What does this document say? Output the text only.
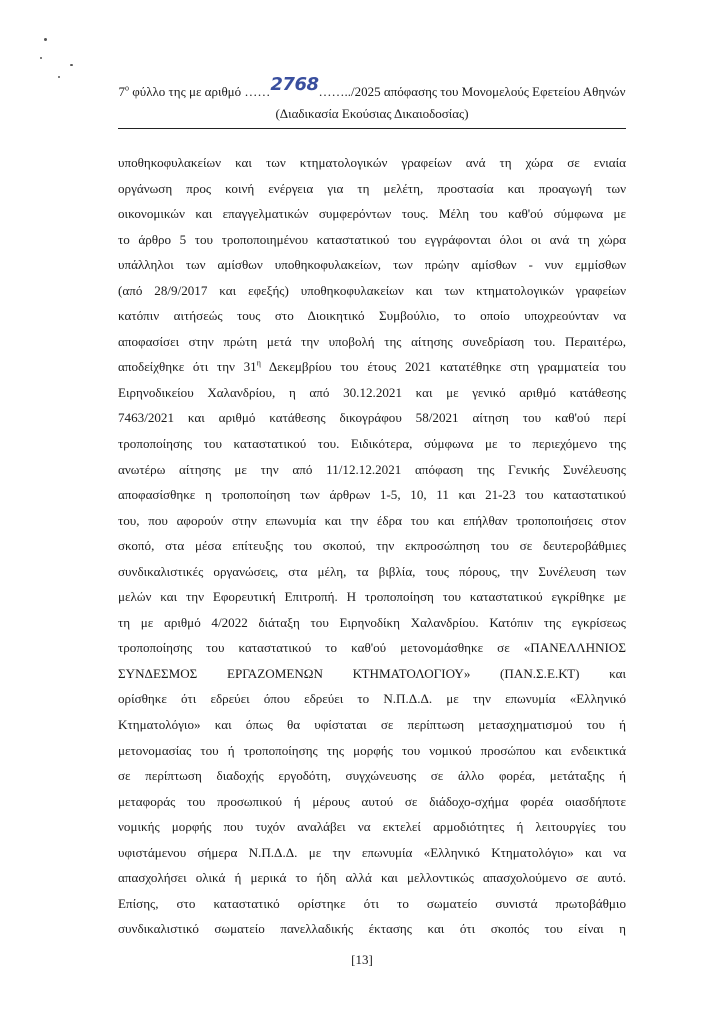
$7^o$ φύλλο της με αριθμό ……2768……../2025 απόφασης του Μονομελούς Εφετείου Αθηνών
(Διαδικασία Εκούσιας Δικαιοδοσίας)
υποθηκοφυλακείων και των κτηματολογικών γραφείων ανά τη χώρα σε ενιαία
οργάνωση προς κοινή ενέργεια για τη μελέτη, προστασία και προαγωγή των
οικονομικών και επαγγελματικών συμφερόντων τους. Μέλη του καθ'ού σύμφωνα με
το άρθρο 5 του τροποποιημένου καταστατικού του εγγράφονται όλοι οι ανά τη χώρα
υπάλληλοι των αμίσθων υποθηκοφυλακείων, των πρώην αμίσθων - νυν εμμίσθων
(από 28/9/2017 και εφεξής) υποθηκοφυλακείων και των κτηματολογικών γραφείων
κατόπιν αιτήσεώς τους στο Διοικητικό Συμβούλιο, το οποίο υποχρεούνταν να
αποφασίσει στην πρώτη μετά την υποβολή της αίτησης συνεδρίαση του. Περαιτέρω,
αποδείχθηκε ότι την $31^\eta$ Δεκεμβρίου του έτους 2021 κατατέθηκε στη γραμματεία του
Ειρηνοδικείου Χαλανδρίου, η από 30.12.2021 και με γενικό αριθμό κατάθεσης
7463/2021 και αριθμό κατάθεσης δικογράφου 58/2021 αίτηση του καθ'ού περί
τροποποίησης του καταστατικού του. Ειδικότερα, σύμφωνα με το περιεχόμενο της
ανωτέρω αίτησης με την από 11/12.12.2021 απόφαση της Γενικής Συνέλευσης
αποφασίσθηκε η τροποποίηση των άρθρων 1-5, 10, 11 και 21-23 του καταστατικού
του, που αφορούν στην επωνυμία και την έδρα του και επήλθαν τροποποιήσεις στον
σκοπό, στα μέσα επίτευξης του σκοπού, την εκπροσώπηση του σε δευτεροβάθμιες
συνδικαλιστικές οργανώσεις, στα μέλη, τα βιβλία, τους πόρους, την Συνέλευση των
μελών και την Εφορευτική Επιτροπή. Η τροποποίηση του καταστατικού εγκρίθηκε με
τη με αριθμό 4/2022 διάταξη του Ειρηνοδίκη Χαλανδρίου. Κατόπιν της εγκρίσεως
τροποποίησης του καταστατικού το καθ'ού μετονομάσθηκε σε «ΠΑΝΕΛΛΗΝΙΟΣ
ΣΥΝΔΕΣΜΟΣ ΕΡΓΑΖΟΜΕΝΩΝ ΚΤΗΜΑΤΟΛΟΓΙΟΥ» (ΠΑΝ.Σ.Ε.ΚΤ) και
ορίσθηκε ότι εδρεύει όπου εδρεύει το Ν.Π.Δ.Δ. με την επωνυμία «Ελληνικό
Κτηματολόγιο» και όπως θα υφίσταται σε περίπτωση μετασχηματισμού του ή
μετονομασίας του ή τροποποίησης της μορφής του νομικού προσώπου και ενδεικτικά
σε περίπτωση διαδοχής εργοδότη, συγχώνευσης σε άλλο φορέα, μετάταξης ή
μεταφοράς του προσωπικού ή μέρους αυτού σε διάδοχο-σχήμα φορέα οιασδήποτε
νομικής μορφής που τυχόν αναλάβει να εκτελεί αρμοδιότητες ή λειτουργίες του
υφιστάμενου σήμερα Ν.Π.Δ.Δ. με την επωνυμία «Ελληνικό Κτηματολόγιο» και να
απασχολήσει ολικά ή μερικά το ήδη αλλά και μελλοντικώς απασχολούμενο σε αυτό.
Επίσης, στο καταστατικό ορίστηκε ότι το σωματείο συνιστά πρωτοβάθμιο
συνδικαλιστικό σωματείο πανελλαδικής έκτασης και ότι σκοπός του είναι η
[13]
